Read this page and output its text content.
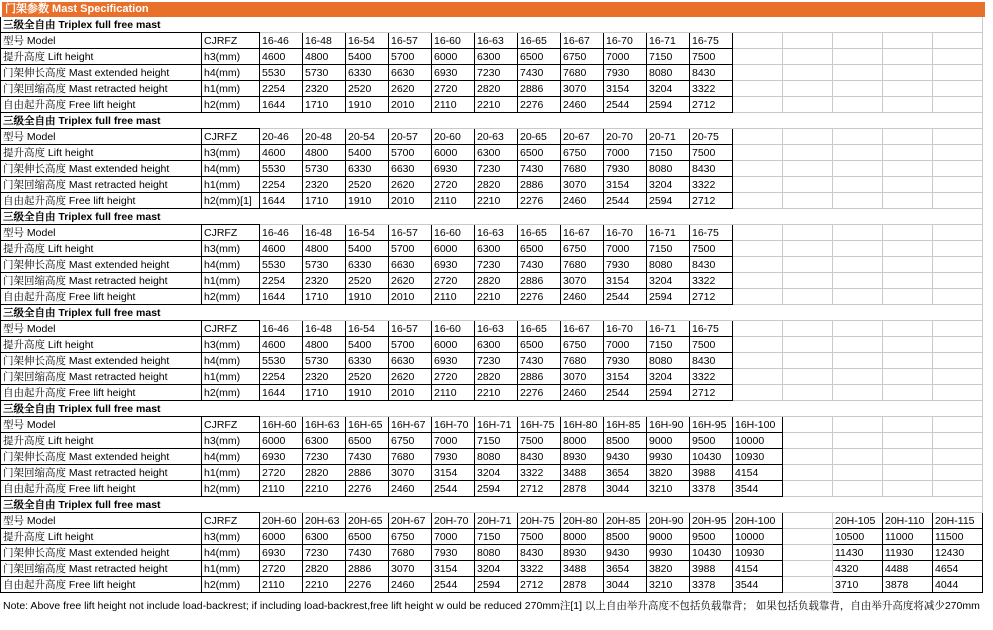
门架参数 Mast Specification
三级全自由 Triplex full free mast
型号 Model	CJRFZ	16-46	16-48	16-54	16-57	16-60	16-63	16-65	16-67	16-70	16-71	16-75
提升高度 Lift height	h3(mm)	4600	4800	5400	5700	6000	6300	6500	6750	7000	7150	7500
门架伸长高度 Mast extended height	h4(mm)	5530	5730	6330	6630	6930	7230	7430	7680	7930	8080	8430
门架回缩高度 Mast retracted height	h1(mm)	2254	2320	2520	2620	2720	2820	2886	3070	3154	3204	3322
自由起升高度 Free lift height	h2(mm)	1644	1710	1910	2010	2110	2210	2276	2460	2544	2594	2712
三级全自由 Triplex full free mast
型号 Model	CJRFZ	20-46	20-48	20-54	20-57	20-60	20-63	20-65	20-67	20-70	20-71	20-75
提升高度 Lift height	h3(mm)	4600	4800	5400	5700	6000	6300	6500	6750	7000	7150	7500
门架伸长高度 Mast extended height	h4(mm)	5530	5730	6330	6630	6930	7230	7430	7680	7930	8080	8430
门架回缩高度 Mast retracted height	h1(mm)	2254	2320	2520	2620	2720	2820	2886	3070	3154	3204	3322
自由起升高度 Free lift height	h2(mm)[1] 1644	1710	1910	2010	2110	2210	2276	2460	2544	2594	2712
三级全自由 Triplex full free mast
型号 Model	CJRFZ	16-46	16-48	16-54	16-57	16-60	16-63	16-65	16-67	16-70	16-71	16-75
提升高度 Lift height	h3(mm)	4600	4800	5400	5700	6000	6300	6500	6750	7000	7150	7500
门架伸长高度 Mast extended height	h4(mm)	5530	5730	6330	6630	6930	7230	7430	7680	7930	8080	8430
门架回缩高度 Mast retracted height	h1(mm)	2254	2320	2520	2620	2720	2820	2886	3070	3154	3204	3322
自由起升高度 Free lift height	h2(mm)	1644	1710	1910	2010	2110	2210	2276	2460	2544	2594	2712
三级全自由 Triplex full free mast
型号 Model	CJRFZ	16-46	16-48	16-54	16-57	16-60	16-63	16-65	16-67	16-70	16-71	16-75
提升高度 Lift height	h3(mm)	4600	4800	5400	5700	6000	6300	6500	6750	7000	7150	7500
门架伸长高度 Mast extended height	h4(mm)	5530	5730	6330	6630	6930	7230	7430	7680	7930	8080	8430
门架回缩高度 Mast retracted height	h1(mm)	2254	2320	2520	2620	2720	2820	2886	3070	3154	3204	3322
自由起升高度 Free lift height	h2(mm)	1644	1710	1910	2010	2110	2210	2276	2460	2544	2594	2712
三级全自由 Triplex full free mast
型号 Model	CJRFZ	16H-60 16H-63 16H-65 16H-67 16H-70 16H-71 16H-75 16H-80 16H-85 16H-90 16H-95 16H-100
提升高度 Lift height	h3(mm)	6000	6300	6500	6750	7000	7150	7500	8000	8500	9000	9500	10000
门架伸长高度 Mast extended height	h4(mm)	6930	7230	7430	7680	7930	8080	8430	8930	9430	9930	10430	10930
门架回缩高度 Mast retracted height	h1(mm)	2720	2820	2886	3070	3154	3204	3322	3488	3654	3820	3988	4154
自由起升高度 Free lift height	h2(mm)	2110	2210	2276	2460	2544	2594	2712	2878	3044	3210	3378	3544
三级全自由 Triplex full free mast
型号 Model	CJRFZ	20H-60 20H-63 20H-65 20H-67 20H-70 20H-71 20H-75 20H-80 20H-85 20H-90 20H-95 20H-100	20H-105 20H-110	20H-115
提升高度 Lift height	h3(mm)	6000	6300	6500	6750	7000	7150	7500	8000	8500	9000	9500	10000	10500	11000	11500
门架伸长高度 Mast extended height	h4(mm)	6930	7230	7430	7680	7930	8080	8430	8930	9430	9930	10430	10930	11430	11930	12430
门架回缩高度 Mast retracted height	h1(mm)	2720	2820	2886	3070	3154	3204	3322	3488	3654	3820	3988	4154	4320	4488	4654
自由起升高度 Free lift height	h2(mm)	2110	2210	2276	2460	2544	2594	2712	2878	3044	3210	3378	3544	3710	3878	4044
Note: Above free lift height not include load-backrest; if including load-backrest,free lift height w ould be reduced 270mm注[1] 以上自由举升高度不包括负载靠背； 如果包括负载靠背，自由举升高度将减少270mm
